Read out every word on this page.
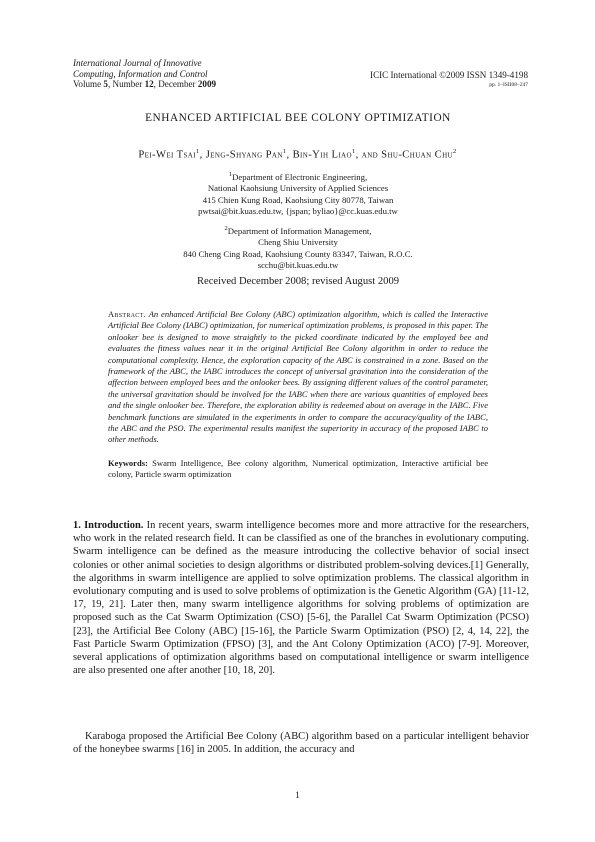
International Journal of Innovative
Computing, Information and Control
Volume 5, Number 12, December 2009
ICIC International ©2009 ISSN 1349-4198
pp. 1–ISII08–247
ENHANCED ARTIFICIAL BEE COLONY OPTIMIZATION
Pei-Wei Tsai$^1$, Jeng-Shyang Pan$^1$, Bin-Yih Liao$^1$, and Shu-Chuan Chu$^2$
$^1$Department of Electronic Engineering,
National Kaohsiung University of Applied Sciences
415 Chien Kung Road, Kaohsiung City 80778, Taiwan
pwtsai@bit.kuas.edu.tw, {jspan; byliao}@cc.kuas.edu.tw
$^2$Department of Information Management,
Cheng Shiu University
840 Cheng Cing Road, Kaohsiung County 83347, Taiwan, R.O.C.
scchu@bit.kuas.edu.tw
Received December 2008; revised August 2009
Abstract. An enhanced Artificial Bee Colony (ABC) optimization algorithm, which is called the Interactive Artificial Bee Colony (IABC) optimization, for numerical optimization problems, is proposed in this paper. The onlooker bee is designed to move straightly to the picked coordinate indicated by the employed bee and evaluates the fitness values near it in the original Artificial Bee Colony algorithm in order to reduce the computational complexity. Hence, the exploration capacity of the ABC is constrained in a zone. Based on the framework of the ABC, the IABC introduces the concept of universal gravitation into the consideration of the affection between employed bees and the onlooker bees. By assigning different values of the control parameter, the universal gravitation should be involved for the IABC when there are various quantities of employed bees and the single onlooker bee. Therefore, the exploration ability is redeemed about on average in the IABC. Five benchmark functions are simulated in the experiments in order to compare the accuracy/quality of the IABC, the ABC and the PSO. The experimental results manifest the superiority in accuracy of the proposed IABC to other methods.
Keywords: Swarm Intelligence, Bee colony algorithm, Numerical optimization, Interactive artificial bee colony, Particle swarm optimization
1. Introduction. In recent years, swarm intelligence becomes more and more attractive for the researchers, who work in the related research field. It can be classified as one of the branches in evolutionary computing. Swarm intelligence can be defined as the measure introducing the collective behavior of social insect colonies or other animal societies to design algorithms or distributed problem-solving devices.[1] Generally, the algorithms in swarm intelligence are applied to solve optimization problems. The classical algorithm in evolutionary computing and is used to solve problems of optimization is the Genetic Algorithm (GA) [11-12, 17, 19, 21]. Later then, many swarm intelligence algorithms for solving problems of optimization are proposed such as the Cat Swarm Optimization (CSO) [5-6], the Parallel Cat Swarm Optimization (PCSO) [23], the Artificial Bee Colony (ABC) [15-16], the Particle Swarm Optimization (PSO) [2, 4, 14, 22], the Fast Particle Swarm Optimization (FPSO) [3], and the Ant Colony Optimization (ACO) [7-9]. Moreover, several applications of optimization algorithms based on computational intelligence or swarm intelligence are also presented one after another [10, 18, 20].
Karaboga proposed the Artificial Bee Colony (ABC) algorithm based on a particular intelligent behavior of the honeybee swarms [16] in 2005. In addition, the accuracy and
1
